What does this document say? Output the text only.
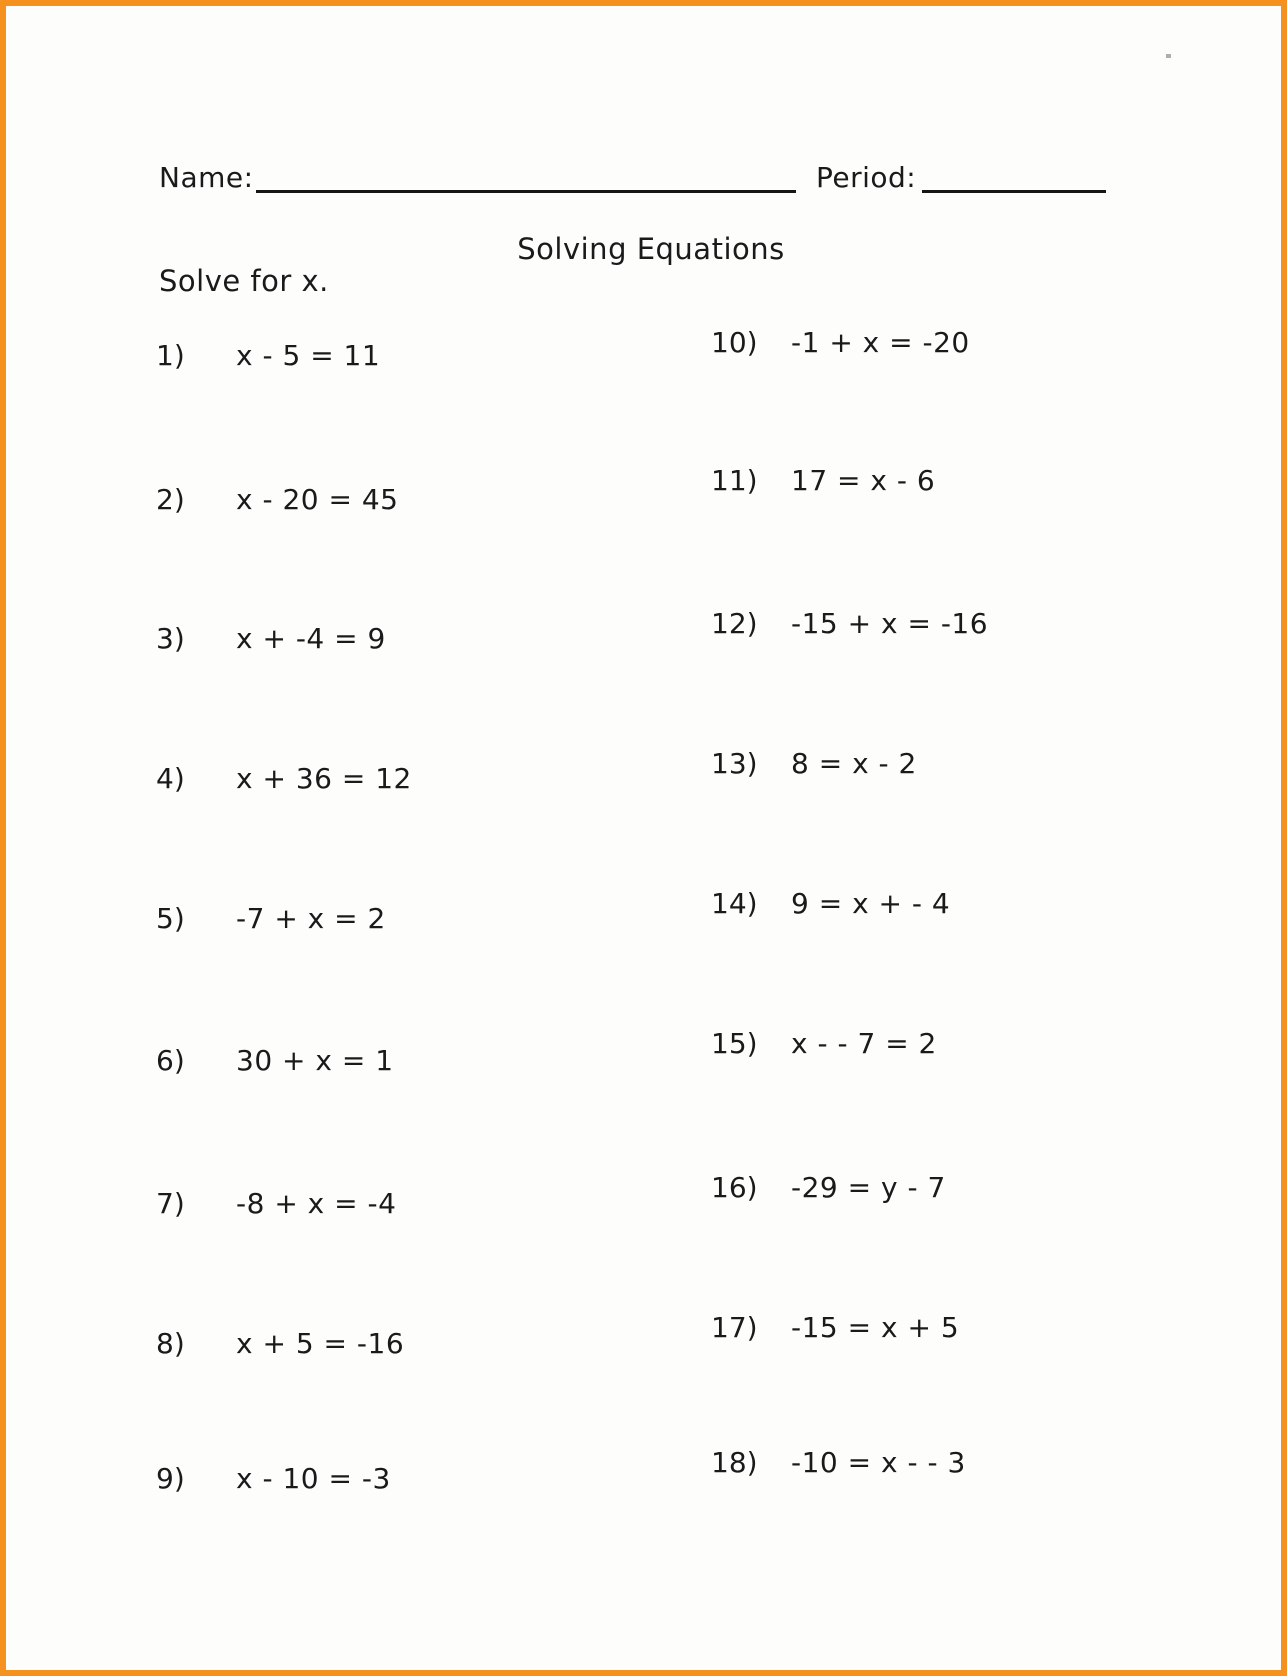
Name:	Period:
Solving Equations
Solve for x.
1) x - 5 = 11
2) x - 20 = 45
3) x + -4 = 9
4) x + 36 = 12
5) -7 + x = 2
6) 30 + x = 1
7) -8 + x = -4
8) x + 5 = -16
9) x - 10 = -3
10) -1 + x = -20
11) 17 = x - 6
12) -15 + x = -16
13) 8 = x - 2
14) 9 = x + - 4
15) x - - 7 = 2
16) -29 = y - 7
17) -15 = x + 5
18) -10 = x - - 3
